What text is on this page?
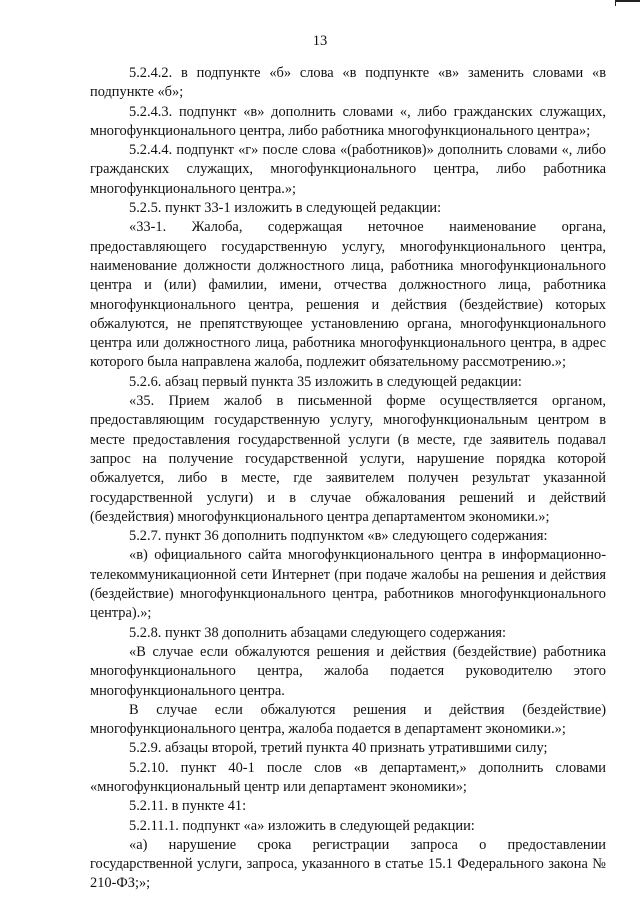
13

5.2.4.2. в подпункте «б» слова «в подпункте «в» заменить словами «в подпункте «б»;

5.2.4.3. подпункт «в» дополнить словами «, либо гражданских служащих, многофункционального центра, либо работника многофункционального центра»;

5.2.4.4. подпункт «г» после слова «(работников)» дополнить словами «, либо гражданских служащих, многофункционального центра, либо работника многофункционального центра.»;

5.2.5. пункт 33-1 изложить в следующей редакции:

«33-1. Жалоба, содержащая неточное наименование органа, предоставляющего государственную услугу, многофункционального центра, наименование должности должностного лица, работника многофункционального центра и (или) фамилии, имени, отчества должностного лица, работника многофункционального центра, решения и действия (бездействие) которых обжалуются, не препятствующее установлению органа, многофункционального центра или должностного лица, работника многофункционального центра, в адрес которого была направлена жалоба, подлежит обязательному рассмотрению.»;

5.2.6. абзац первый пункта 35 изложить в следующей редакции:

«35. Прием жалоб в письменной форме осуществляется органом, предоставляющим государственную услугу, многофункциональным центром в месте предоставления государственной услуги (в месте, где заявитель подавал запрос на получение государственной услуги, нарушение порядка которой обжалуется, либо в месте, где заявителем получен результат указанной государственной услуги) и в случае обжалования решений и действий (бездействия) многофункционального центра департаментом экономики.»;

5.2.7. пункт 36 дополнить подпунктом «в» следующего содержания:

«в) официального сайта многофункционального центра в информационно-телекоммуникационной сети Интернет (при подаче жалобы на решения и действия (бездействие) многофункционального центра, работников многофункционального центра).»;

5.2.8. пункт 38 дополнить абзацами следующего содержания:

«В случае если обжалуются решения и действия (бездействие) работника многофункционального центра, жалоба подается руководителю этого многофункционального центра.

В случае если обжалуются решения и действия (бездействие) многофункционального центра, жалоба подается в департамент экономики.»;

5.2.9. абзацы второй, третий пункта 40 признать утратившими силу;

5.2.10. пункт 40-1 после слов «в департамент,» дополнить словами «многофункциональный центр или департамент экономики»;

5.2.11. в пункте 41:

5.2.11.1. подпункт «а» изложить в следующей редакции:

«а) нарушение срока регистрации запроса о предоставлении государственной услуги, запроса, указанного в статье 15.1 Федерального закона № 210-ФЗ;»;
